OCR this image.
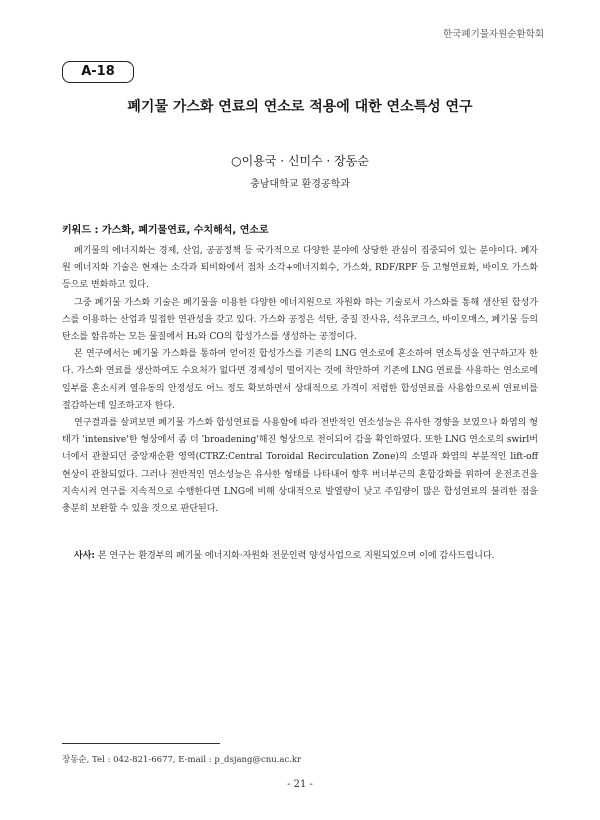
한국폐기물자원순환학회
A-18
폐기물 가스화 연료의 연소로 적용에 대한 연소특성 연구
○이용국 · 신미수 · 장동순
충남대학교 환경공학과
키워드 : 가스화, 폐기물연료, 수치해석, 연소로

폐기물의 에너지화는 경제, 산업, 공공정책 등 국가적으로 다양한 분야에 상당한 관심이 집중되어 있는 분야이다. 폐자원 에너지화 기술은 현재는 소각과 퇴비화에서 점차 소각+에너지회수, 가스화, RDF/RPF 등 고형연료화, 바이오 가스화 등으로 변화하고 있다.

그중 폐기물 가스화 기술은 폐기물을 이용한 다양한 에너지원으로 자원화 하는 기술로서 가스화를 통해 생산된 합성가스를 이용하는 산업과 밀접한 연관성을 갖고 있다. 가스화 공정은 석탄, 중질 잔사유, 석유코크스, 바이오매스, 폐기물 등의 탄소를 함유하는 모든 물질에서 H₂와 CO의 합성가스를 생성하는 공정이다.

본 연구에서는 폐기물 가스화를 통하여 얻어진 합성가스를 기존의 LNG 연소로에 혼소하여 연소특성을 연구하고자 한다. 가스화 연료를 생산하여도 수요처가 없다면 경제성이 떨어지는 것에 착안하여 기존에 LNG 연료를 사용하는 연소로에 일부를 혼소시켜 열유동의 안정성도 어느 정도 확보하면서 상대적으로 가격이 저렴한 합성연료를 사용함으로써 연료비를 절감하는데 일조하고자 한다.

연구결과를 살펴보면 폐기물 가스화 합성연료를 사용함에 따라 전반적인 연소성능은 유사한 경향을 보였으나 화염의 형태가 'intensive'한 형상에서 좀 더 'broadening'해진 형상으로 전이되어 감을 확인하였다. 또한 LNG 연소로의 swirl버너에서 관찰되던 중앙재순환 영역(CTRZ:Central Toroidal Recirculation Zone)의 소멸과 화염의 부분적인 lift-off 현상이 관찰되었다. 그러나 전반적인 연소성능은 유사한 형태를 나타내어 향후 버너부근의 혼합강화를 위하여 운전조건을 지속시켜 연구를 지속적으로 수행한다면 LNG에 비해 상대적으로 발열량이 낮고 주입량이 많은 합성연료의 불리한 점을 충분히 보완할 수 있을 것으로 판단된다.

사사: 본 연구는 환경부의 폐기물 에너지화·자원화 전문인력 양성사업으로 지원되었으며 이에 감사드립니다.
장동순, Tel : 042-821-6677, E-mail : p_dsjang@cnu.ac.kr
- 21 -
